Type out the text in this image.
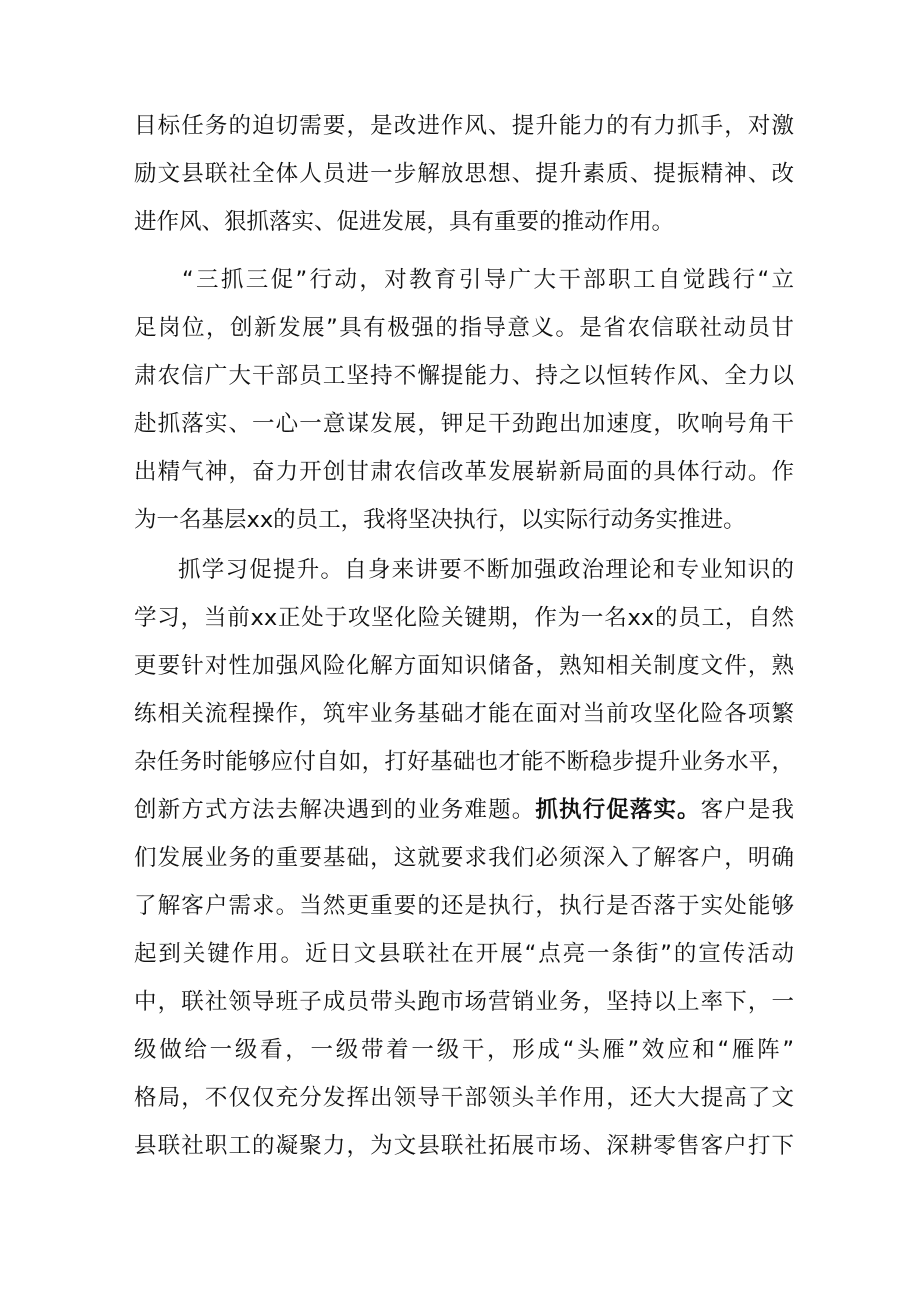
目标任务的迫切需要，是改进作风、提升能力的有力抓手，对激
励文县联社全体人员进一步解放思想、提升素质、提振精神、改
进作风、狠抓落实、促进发展，具有重要的推动作用。
“三抓三促”行动，对教育引导广大干部职工自觉践行“立
足岗位，创新发展”具有极强的指导意义。是省农信联社动员甘
肃农信广大干部员工坚持不懈提能力、持之以恒转作风、全力以
赴抓落实、一心一意谋发展，钾足干劲跑出加速度，吹响号角干
出精气神，奋力开创甘肃农信改革发展崭新局面的具体行动。作
为一名基层xx的员工，我将坚决执行，以实际行动务实推进。
抓学习促提升。自身来讲要不断加强政治理论和专业知识的
学习，当前xx正处于攻坚化险关键期，作为一名xx的员工，自然
更要针对性加强风险化解方面知识储备，熟知相关制度文件，熟
练相关流程操作，筑牢业务基础才能在面对当前攻坚化险各项繁
杂任务时能够应付自如，打好基础也才能不断稳步提升业务水平，
创新方式方法去解决遇到的业务难题。抓执行促落实。客户是我
们发展业务的重要基础，这就要求我们必须深入了解客户，明确
了解客户需求。当然更重要的还是执行，执行是否落于实处能够
起到关键作用。近日文县联社在开展“点亮一条街”的宣传活动
中，联社领导班子成员带头跑市场营销业务，坚持以上率下，一
级做给一级看，一级带着一级干，形成“头雁”效应和“雁阵”
格局，不仅仅充分发挥出领导干部领头羊作用，还大大提高了文
县联社职工的凝聚力，为文县联社拓展市场、深耕零售客户打下
